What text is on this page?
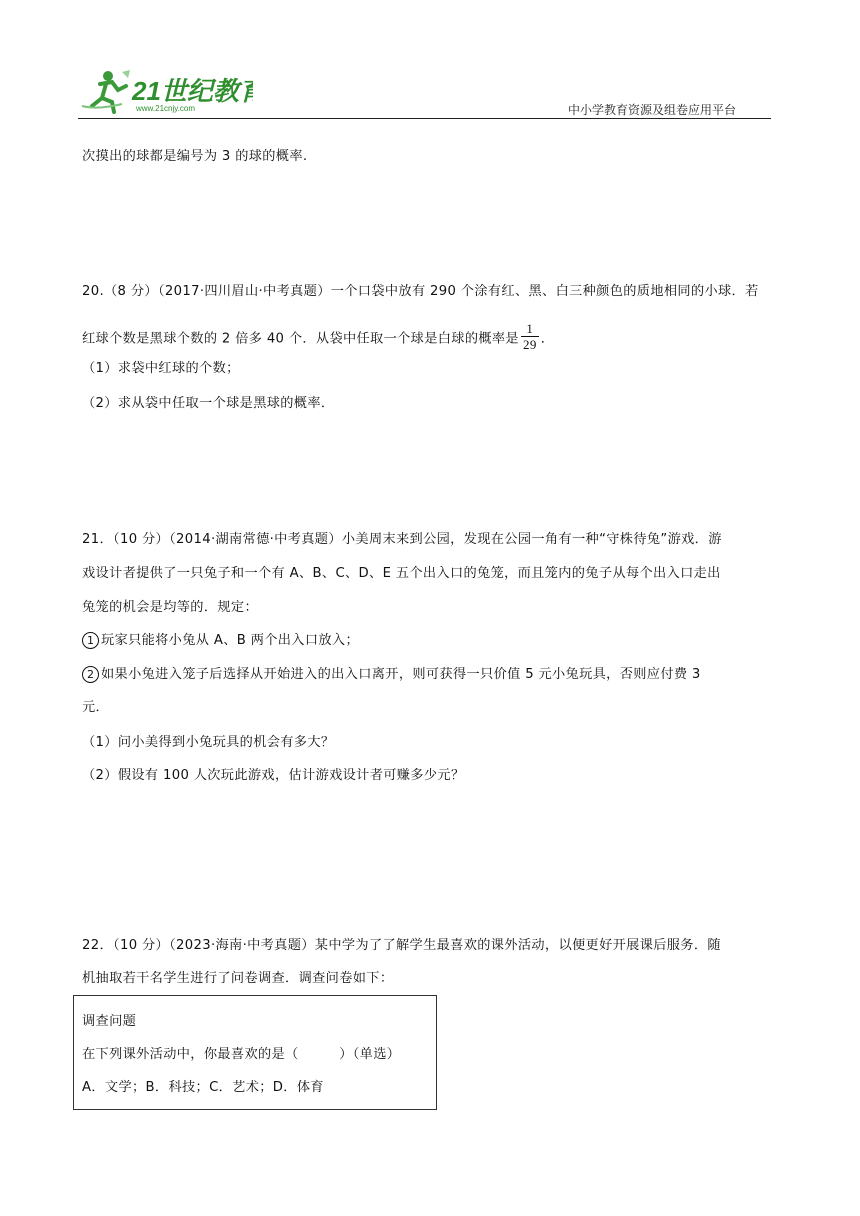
21世纪教育
www.21cnjy.com	中小学教育资源及组卷应用平台
次摸出的球都是编号为 3 的球的概率.
20.（8 分）（2017·四川眉山·中考真题）一个口袋中放有 290 个涂有红、黑、白三种颜色的质地相同的小球．若
红球个数是黑球个数的 2 倍多 40 个．从袋中任取一个球是白球的概率是 $\frac{1}{29}$ ．
（1）求袋中红球的个数；
（2）求从袋中任取一个球是黑球的概率．
21．（10 分）（2014·湖南常德·中考真题）小美周末来到公园，发现在公园一角有一种“守株待兔”游戏．游
戏设计者提供了一只兔子和一个有 A、B、C、D、E 五个出入口的兔笼，而且笼内的兔子从每个出入口走出
兔笼的机会是均等的．规定：
1 玩家只能将小兔从 A、B 两个出入口放入；
2 如果小兔进入笼子后选择从开始进入的出入口离开，则可获得一只价值 5 元小兔玩具，否则应付费 3
元．
（1）问小美得到小兔玩具的机会有多大？
（2）假设有 100 人次玩此游戏，估计游戏设计者可赚多少元？
22．（10 分）（2023·海南·中考真题）某中学为了了解学生最喜欢的课外活动，以便更好开展课后服务．随
机抽取若干名学生进行了问卷调查．调查问卷如下：
调查问题
在下列课外活动中，你最喜欢的是（　　　）（单选）
A．文学；B．科技；C．艺术；D．体育
